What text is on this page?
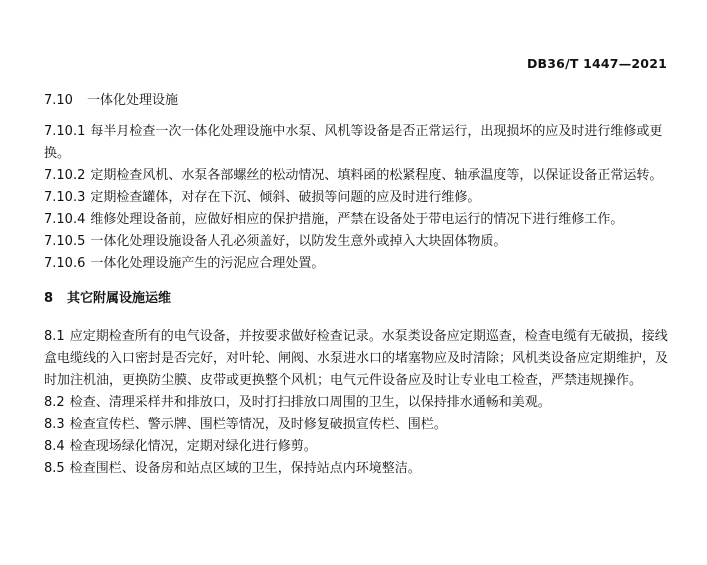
DB36/T 1447—2021

7.10 一体化处理设施

7.10.1 每半月检查一次一体化处理设施中水泵、风机等设备是否正常运行，出现损坏的应及时进行维修或更换。

7.10.2 定期检查风机、水泵各部螺丝的松动情况、填料函的松紧程度、轴承温度等，以保证设备正常运转。

7.10.3 定期检查罐体，对存在下沉、倾斜、破损等问题的应及时进行维修。

7.10.4 维修处理设备前，应做好相应的保护措施，严禁在设备处于带电运行的情况下进行维修工作。

7.10.5 一体化处理设施设备人孔必须盖好，以防发生意外或掉入大块固体物质。

7.10.6 一体化处理设施产生的污泥应合理处置。

8 其它附属设施运维

8.1 应定期检查所有的电气设备，并按要求做好检查记录。水泵类设备应定期巡查，检查电缆有无破损，接线盒电缆线的入口密封是否完好，对叶轮、闸阀、水泵进水口的堵塞物应及时清除；风机类设备应定期维护，及时加注机油，更换防尘膜、皮带或更换整个风机；电气元件设备应及时让专业电工检查，严禁违规操作。

8.2 检查、清理采样井和排放口，及时打扫排放口周围的卫生，以保持排水通畅和美观。

8.3 检查宣传栏、警示牌、围栏等情况，及时修复破损宣传栏、围栏。

8.4 检查现场绿化情况，定期对绿化进行修剪。

8.5 检查围栏、设备房和站点区域的卫生，保持站点内环境整洁。
